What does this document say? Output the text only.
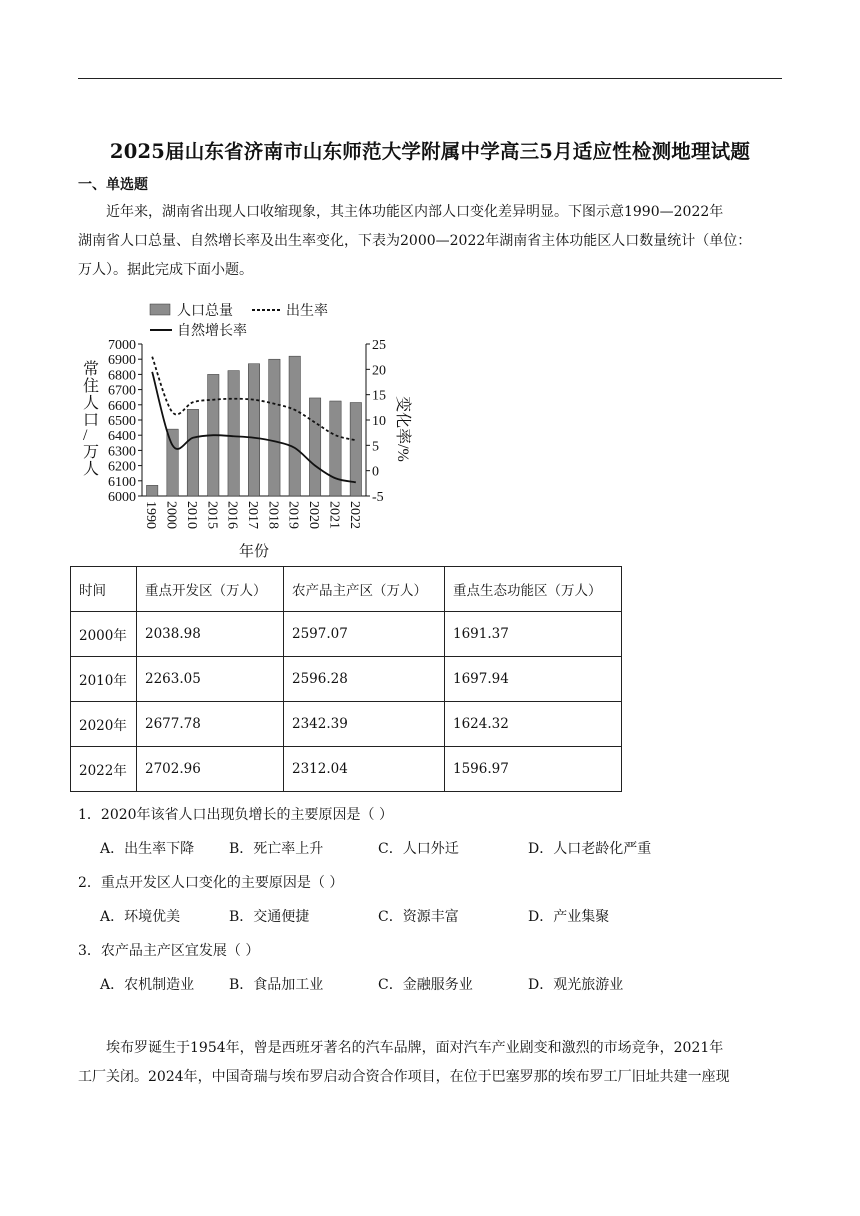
2025届山东省济南市山东师范大学附属中学高三5月适应性检测地理试题
一、单选题

近年来，湖南省出现人口收缩现象，其主体功能区内部人口变化差异明显。下图示意1990—2022年

湖南省人口总量、自然增长率及出生率变化，下表为2000—2022年湖南省主体功能区人口数量统计（单位：

万人）。据此完成下面小题。

人口总量	出生率
自然增长率
常住人口/万人
变化率/%
7000
6900
6800
6700
6600
6500
6400
6300
6200
6100
6000
25
20
15
10
5
0
-5
1990 2000 2010 2015 2016 2017 2018 2019 2020 2021 2022
年份
时间	重点开发区（万人）	农产品主产区（万人）	重点生态功能区（万人）
2000年	2038.98	2597.07	1691.37
2010年	2263.05	2596.28	1697.94
2020年	2677.78	2342.39	1624.32
2022年	2702.96	2312.04	1596.97
1．2020年该省人口出现负增长的主要原因是（ ）
A．出生率下降 B．死亡率上升	C．人口外迁	D．人口老龄化严重
2．重点开发区人口变化的主要原因是（ ）
A．环境优美	B．交通便捷	C．资源丰富	D．产业集聚
3．农产品主产区宜发展（ ）
A．农机制造业 B．食品加工业	C．金融服务业	D．观光旅游业

埃布罗诞生于1954年，曾是西班牙著名的汽车品牌，面对汽车产业剧变和激烈的市场竞争，2021年

工厂关闭。2024年，中国奇瑞与埃布罗启动合资合作项目，在位于巴塞罗那的埃布罗工厂旧址共建一座现
